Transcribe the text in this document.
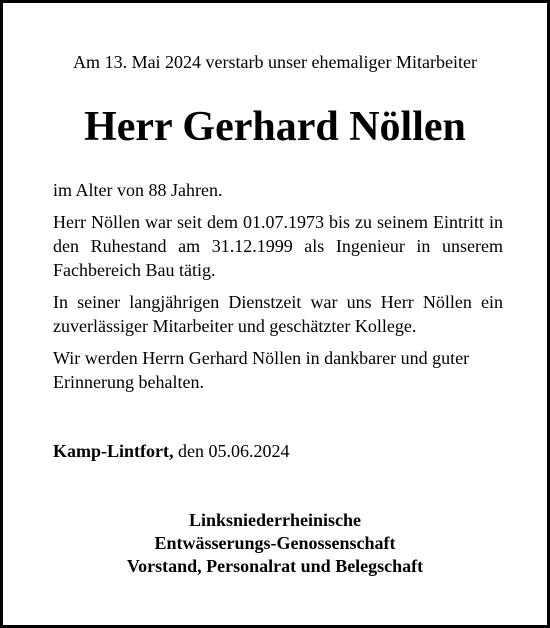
Am 13. Mai 2024 verstarb unser ehemaliger Mitarbeiter
Herr Gerhard Nöllen

im Alter von 88 Jahren.

Herr Nöllen war seit dem 01.07.1973 bis zu seinem Eintritt in den Ruhestand am 31.12.1999 als Ingenieur in unserem Fachbereich Bau tätig.

In seiner langjährigen Dienstzeit war uns Herr Nöllen ein zuverlässiger Mitarbeiter und geschätzter Kollege.

Wir werden Herrn Gerhard Nöllen in dankbarer und guter Erinnerung behalten.

Kamp-Lintfort, den 05.06.2024
Linksniederrheinische
Entwässerungs-Genossenschaft
Vorstand, Personalrat und Belegschaft
